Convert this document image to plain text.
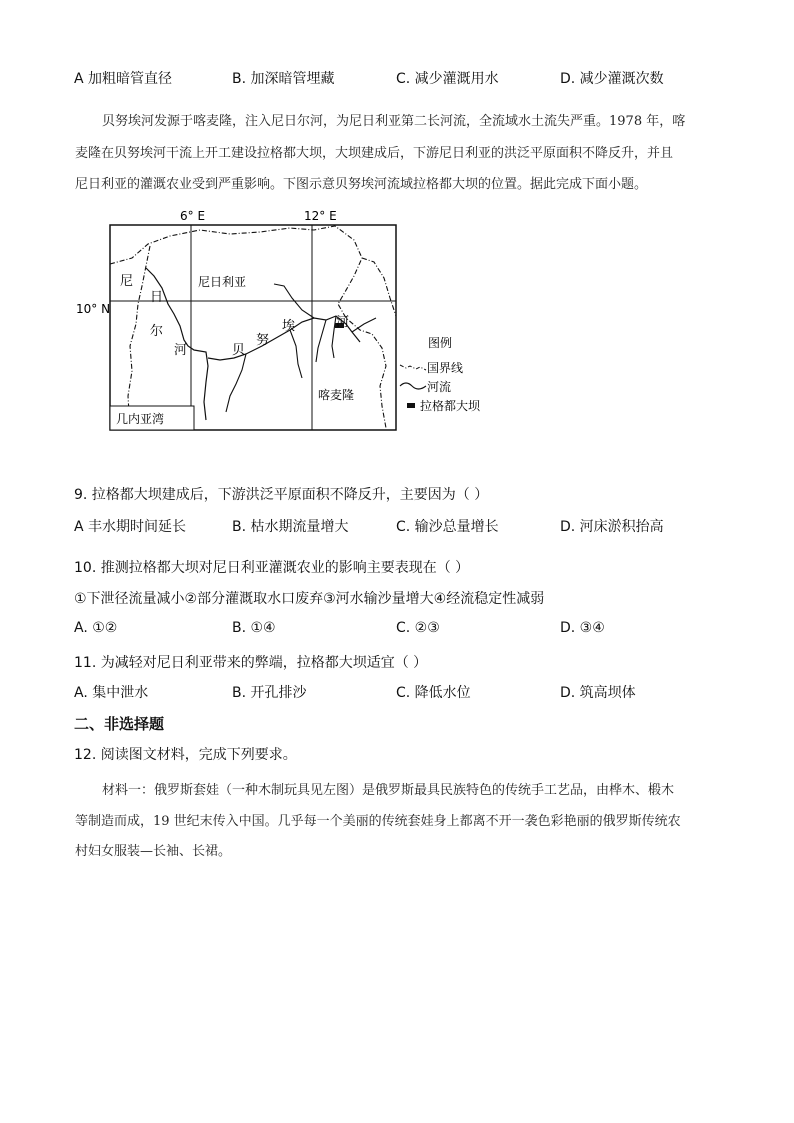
A 加粗暗管直径	B. 加深暗管埋藏	C. 减少灌溉用水	D. 减少灌溉次数
贝努埃河发源于喀麦隆，注入尼日尔河，为尼日利亚第二长河流，全流域水土流失严重。1978 年，喀
麦隆在贝努埃河干流上开工建设拉格都大坝，大坝建成后，下游尼日利亚的洪泛平原面积不降反升，并且
尼日利亚的灌溉农业受到严重影响。下图示意贝努埃河流域拉格都大坝的位置。据此完成下面小题。
6° E	12° E
10° N
尼
日
尔
河
尼日利亚
贝
努
埃	河
喀麦隆
几内亚湾
图例
国界线
河流
拉格都大坝
9. 拉格都大坝建成后，下游洪泛平原面积不降反升，主要因为（ ）
A 丰水期时间延长	B. 枯水期流量增大	C. 输沙总量增长	D. 河床淤积抬高
10. 推测拉格都大坝对尼日利亚灌溉农业的影响主要表现在（ ）
①下泄径流量减小②部分灌溉取水口废弃③河水输沙量增大④经流稳定性减弱
A. ①②	B. ①④	C. ②③	D. ③④
11. 为减轻对尼日利亚带来的弊端，拉格都大坝适宜（ ）
A. 集中泄水	B. 开孔排沙	C. 降低水位	D. 筑高坝体
二、非选择题
12. 阅读图文材料，完成下列要求。
材料一：俄罗斯套娃（一种木制玩具见左图）是俄罗斯最具民族特色的传统手工艺品，由桦木、椴木
等制造而成，19 世纪末传入中国。几乎每一个美丽的传统套娃身上都离不开一袭色彩艳丽的俄罗斯传统农
村妇女服装—长袖、长裙。
